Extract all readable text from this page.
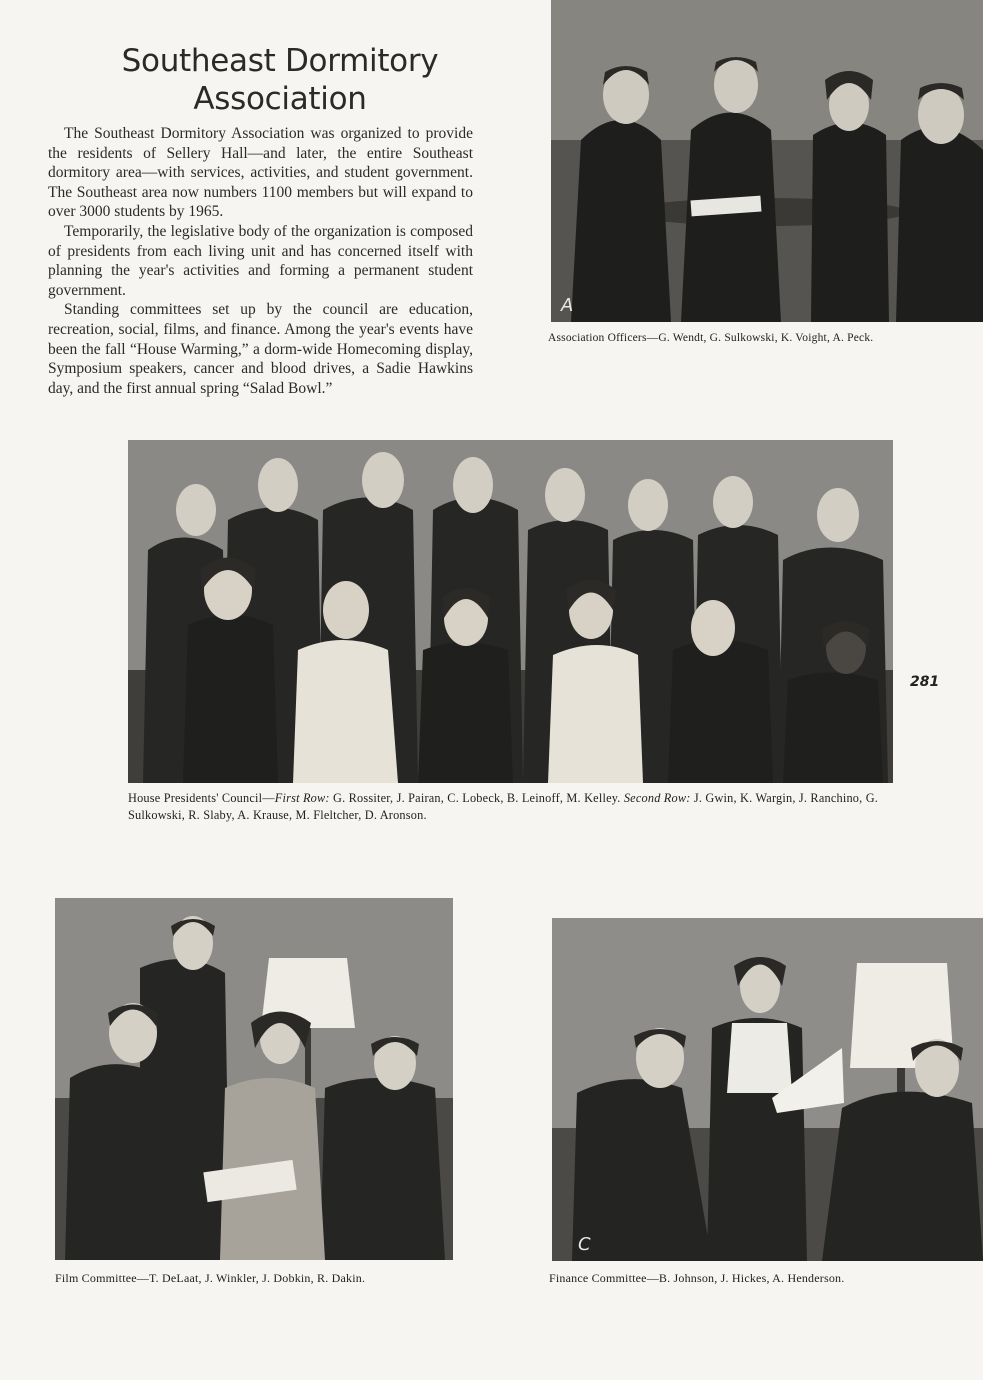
Southeast Dormitory
Association

The Southeast Dormitory Association was organized to provide the residents of Sellery Hall—and later, the entire Southeast dormitory area—with services, activities, and student government. The Southeast area now numbers 1100 members but will expand to over 3000 students by 1965.

Temporarily, the legislative body of the organization is composed of presidents from each living unit and has concerned itself with planning the year's activities and forming a permanent student government.

Standing committees set up by the council are education, recreation, social, films, and finance. Among the year's events have been the fall “House Warming,” a dorm-wide Homecoming display, Symposium speakers, cancer and blood drives, a Sadie Hawkins day, and the first annual spring “Salad Bowl.”

A
Association Officers—G. Wendt, G. Sulkowski, K. Voight, A. Peck.
281
House Presidents' Council—First Row: G. Rossiter, J. Pairan, C. Lobeck, B. Leinoff, M. Kelley. Second Row: J. Gwin, K. Wargin, J. Ranchino, G. Sulkowski, R. Slaby, A. Krause, M. Fleltcher, D. Aronson.
Film Committee—T. DeLaat, J. Winkler, J. Dobkin, R. Dakin.
C
Finance Committee—B. Johnson, J. Hickes, A. Henderson.
